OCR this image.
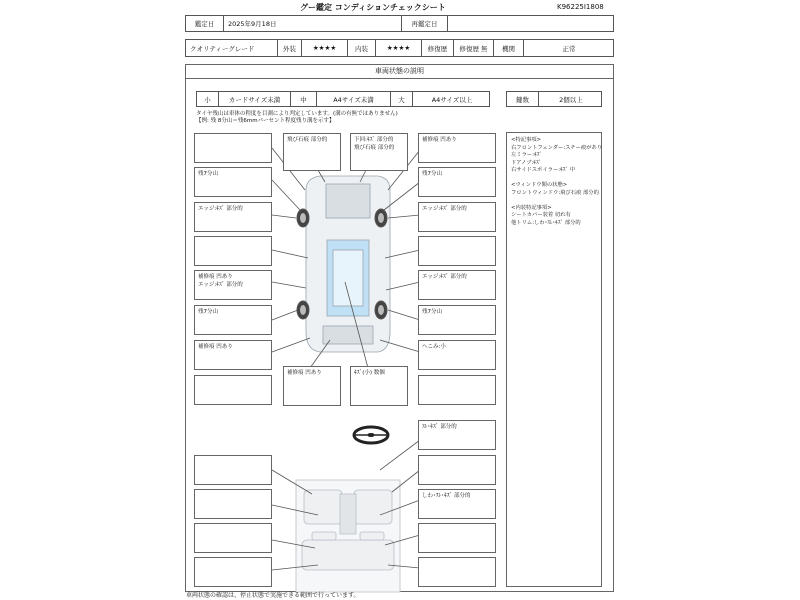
グー鑑定 コンディションチェックシート	K96225I1808
鑑定日	2025年9月18日	再鑑定日
クオリティーグレード	外装	★★★★	内装	★★★★	修復歴	修復歴 無	機関	正常
車両状態の説明
小	カードサイズ未満	中	A4サイズ未満	大	A4サイズ以上	鍵数	2個以上
タイヤ残山は車体の程度を目測により判定しています。(溝の有無ではありません)
【例: 残 8分山＝残6mmバーセント程度残り溝を示す】
<特記事項>
右フロントフェンダー:スチー痕があり
左ミラー:ｷｽﾞ
ドアノブ:ｷｽﾞ
右サイドスポイラー:ｷｽﾞ 中
<ウィンドウ類の状態>
フロントウィンドウ:飛び石痕 部分的
<内装特記事項>
シートカバー装着 切れ有
他トリム:しわ･ｽﾚ･ｷｽﾞ 部分的
残7分山
エッジ:ｷｽﾞ 部分的
補修痕 凹あり
エッジ:ｷｽﾞ 部分的
残7分山
補修痕 凹あり
飛び石痕 部分的	下回:ｷｽﾞ 部分的
飛び石痕 部分的
補修痕 凹あり
残7分山
エッジ:ｷｽﾞ 部分的
エッジ:ｷｽﾞ 部分的
残7分山
へこみ:小
補修痕 凹あり	ｷｽﾞ(小) 数個
ｽﾚ･ｷｽﾞ 部分的
しわ･ｽﾚ･ｷｽﾞ 部分的
車両状態の確認は、停止状態で実施できる範囲で行っています。
